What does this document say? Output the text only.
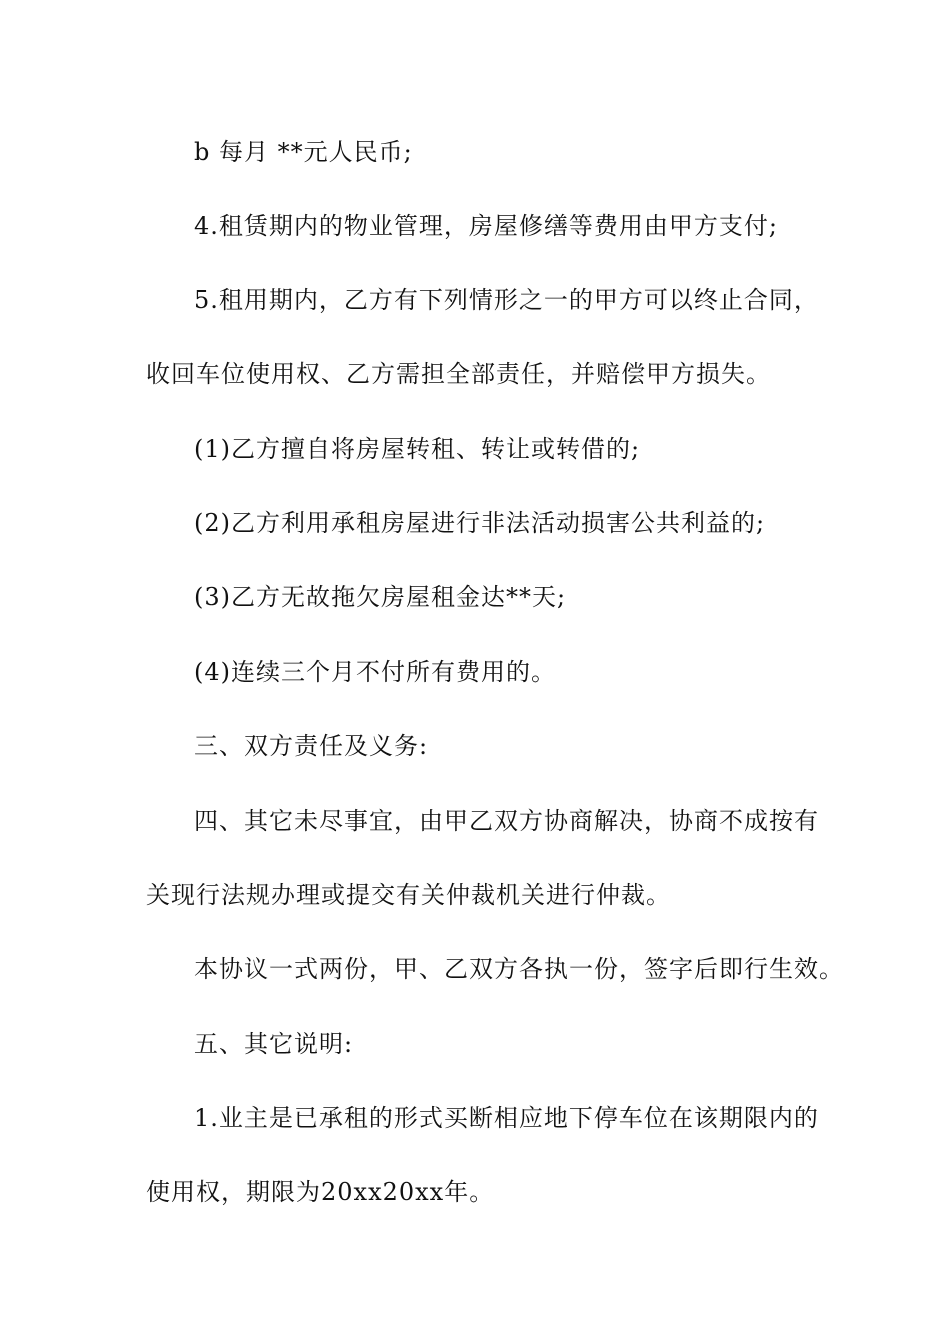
b 每月 **元人民币;
4.租赁期内的物业管理，房屋修缮等费用由甲方支付;
5.租用期内，乙方有下列情形之一的甲方可以终止合同，
收回车位使用权、乙方需担全部责任，并赔偿甲方损失。
(1)乙方擅自将房屋转租、转让或转借的;
(2)乙方利用承租房屋进行非法活动损害公共利益的;
(3)乙方无故拖欠房屋租金达**天;
(4)连续三个月不付所有费用的。
三、双方责任及义务:
四、其它未尽事宜，由甲乙双方协商解决，协商不成按有
关现行法规办理或提交有关仲裁机关进行仲裁。
本协议一式两份，甲、乙双方各执一份，签字后即行生效。
五、其它说明:
1.业主是已承租的形式买断相应地下停车位在该期限内的
使用权，期限为20xx20xx年。
